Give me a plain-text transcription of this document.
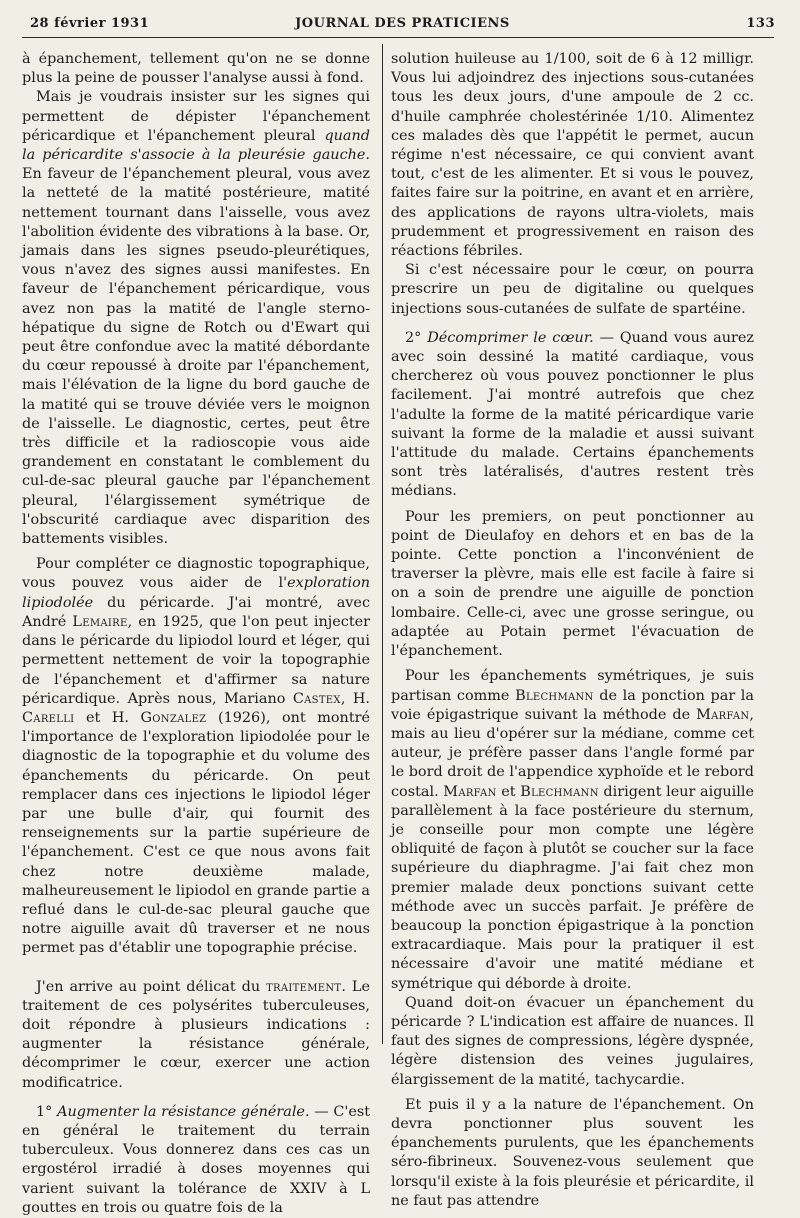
28 février 1931	JOURNAL DES PRATICIENS	133

à épanchement, tellement qu'on ne se donne plus la peine de pousser l'analyse aussi à fond.

Mais je voudrais insister sur les signes qui permettent de dépister l'épanchement péricardique et l'épanchement pleural quand la péricardite s'associe à la pleurésie gauche. En faveur de l'épanchement pleural, vous avez la netteté de la matité postérieure, matité nettement tournant dans l'aisselle, vous avez l'abolition évidente des vibrations à la base. Or, jamais dans les signes pseudo-pleurétiques, vous n'avez des signes aussi manifestes. En faveur de l'épanchement péricardique, vous avez non pas la matité de l'angle sterno-hépatique du signe de Rotch ou d'Ewart qui peut être confondue avec la matité débordante du cœur repoussé à droite par l'épanchement, mais l'élévation de la ligne du bord gauche de la matité qui se trouve déviée vers le moignon de l'aisselle. Le diagnostic, certes, peut être très difficile et la radioscopie vous aide grandement en constatant le comblement du cul-de-sac pleural gauche par l'épanchement pleural, l'élargissement symétrique de l'obscurité cardiaque avec disparition des battements visibles.

Pour compléter ce diagnostic topographique, vous pouvez vous aider de l'exploration lipiodolée du péricarde. J'ai montré, avec André Lemaire, en 1925, que l'on peut injecter dans le péricarde du lipiodol lourd et léger, qui permettent nettement de voir la topographie de l'épanchement et d'affirmer sa nature péricardique. Après nous, Mariano Castex, H. Carelli et H. Gonzalez (1926), ont montré l'importance de l'exploration lipiodolée pour le diagnostic de la topographie et du volume des épanchements du péricarde. On peut remplacer dans ces injections le lipiodol léger par une bulle d'air, qui fournit des renseignements sur la partie supérieure de l'épanchement. C'est ce que nous avons fait chez notre deuxième malade, malheureusement le lipiodol en grande partie a reflué dans le cul-de-sac pleural gauche que notre aiguille avait dû traverser et ne nous permet pas d'établir une topographie précise.

J'en arrive au point délicat du traitement. Le traitement de ces polysérites tuberculeuses, doit répondre à plusieurs indications : augmenter la résistance générale, décomprimer le cœur, exercer une action modificatrice.

1° Augmenter la résistance générale. — C'est en général le traitement du terrain tuberculeux. Vous donnerez dans ces cas un ergostérol irradié à doses moyennes qui varient suivant la tolérance de XXIV à L gouttes en trois ou quatre fois de la

solution huileuse au 1/100, soit de 6 à 12 milligr. Vous lui adjoindrez des injections sous-cutanées tous les deux jours, d'une ampoule de 2 cc. d'huile camphrée cholestérinée 1/10. Alimentez ces malades dès que l'appétit le permet, aucun régime n'est nécessaire, ce qui convient avant tout, c'est de les alimenter. Et si vous le pouvez, faites faire sur la poitrine, en avant et en arrière, des applications de rayons ultra-violets, mais prudemment et progressivement en raison des réactions fébriles.

Si c'est nécessaire pour le cœur, on pourra prescrire un peu de digitaline ou quelques injections sous-cutanées de sulfate de spartéine.

2° Décomprimer le cœur. — Quand vous aurez avec soin dessiné la matité cardiaque, vous chercherez où vous pouvez ponctionner le plus facilement. J'ai montré autrefois que chez l'adulte la forme de la matité péricardique varie suivant la forme de la maladie et aussi suivant l'attitude du malade. Certains épanchements sont très latéralisés, d'autres restent très médians.

Pour les premiers, on peut ponctionner au point de Dieulafoy en dehors et en bas de la pointe. Cette ponction a l'inconvénient de traverser la plèvre, mais elle est facile à faire si on a soin de prendre une aiguille de ponction lombaire. Celle-ci, avec une grosse seringue, ou adaptée au Potain permet l'évacuation de l'épanchement.

Pour les épanchements symétriques, je suis partisan comme Blechmann de la ponction par la voie épigastrique suivant la méthode de Marfan, mais au lieu d'opérer sur la médiane, comme cet auteur, je préfère passer dans l'angle formé par le bord droit de l'appendice xyphoïde et le rebord costal. Marfan et Blechmann dirigent leur aiguille parallèlement à la face postérieure du sternum, je conseille pour mon compte une légère obliquité de façon à plutôt se coucher sur la face supérieure du diaphragme. J'ai fait chez mon premier malade deux ponctions suivant cette méthode avec un succès parfait. Je préfère de beaucoup la ponction épigastrique à la ponction extracardiaque. Mais pour la pratiquer il est nécessaire d'avoir une matité médiane et symétrique qui déborde à droite.

Quand doit-on évacuer un épanchement du péricarde ? L'indication est affaire de nuances. Il faut des signes de compressions, légère dyspnée, légère distension des veines jugulaires, élargissement de la matité, tachycardie.

Et puis il y a la nature de l'épanchement. On devra ponctionner plus souvent les épanchements purulents, que les épanchements séro-fibrineux. Souvenez-vous seulement que lorsqu'il existe à la fois pleurésie et péricardite, il ne faut pas attendre
